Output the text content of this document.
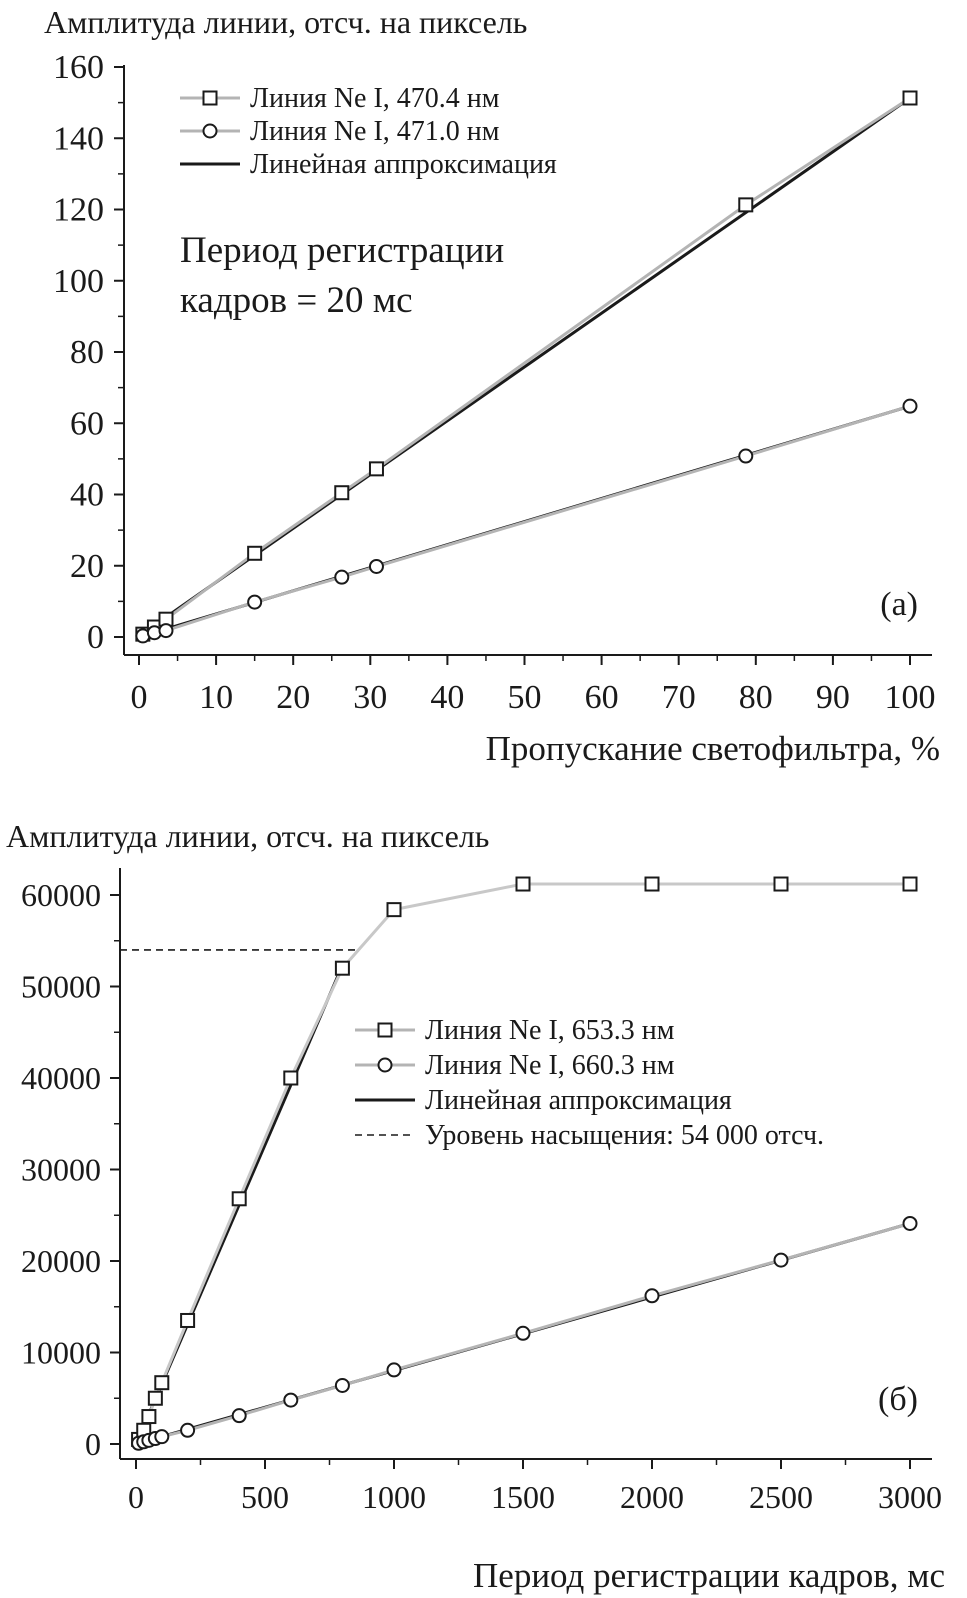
Амплитуда линии, отсч. на пиксель
0 10 20 30 40 50 60 70 80 90 100
0
20
40
60
80
100
120
140
160
Линия Ne I, 470.4 нм
Линия Ne I, 471.0 нм
Линейная аппроксимация
Период регистрации
кадров = 20 мс
(а)
Пропускание светофильтра, %
Амплитуда линии, отсч. на пиксель
0	500 1000 1500 2000 2500 3000
0
10000
20000
30000
40000
50000
60000
Линия Ne I, 653.3 нм
Линия Ne I, 660.3 нм
Линейная аппроксимация
Уровень насыщения: 54 000 отсч.
(б)
Период регистрации кадров, мс
